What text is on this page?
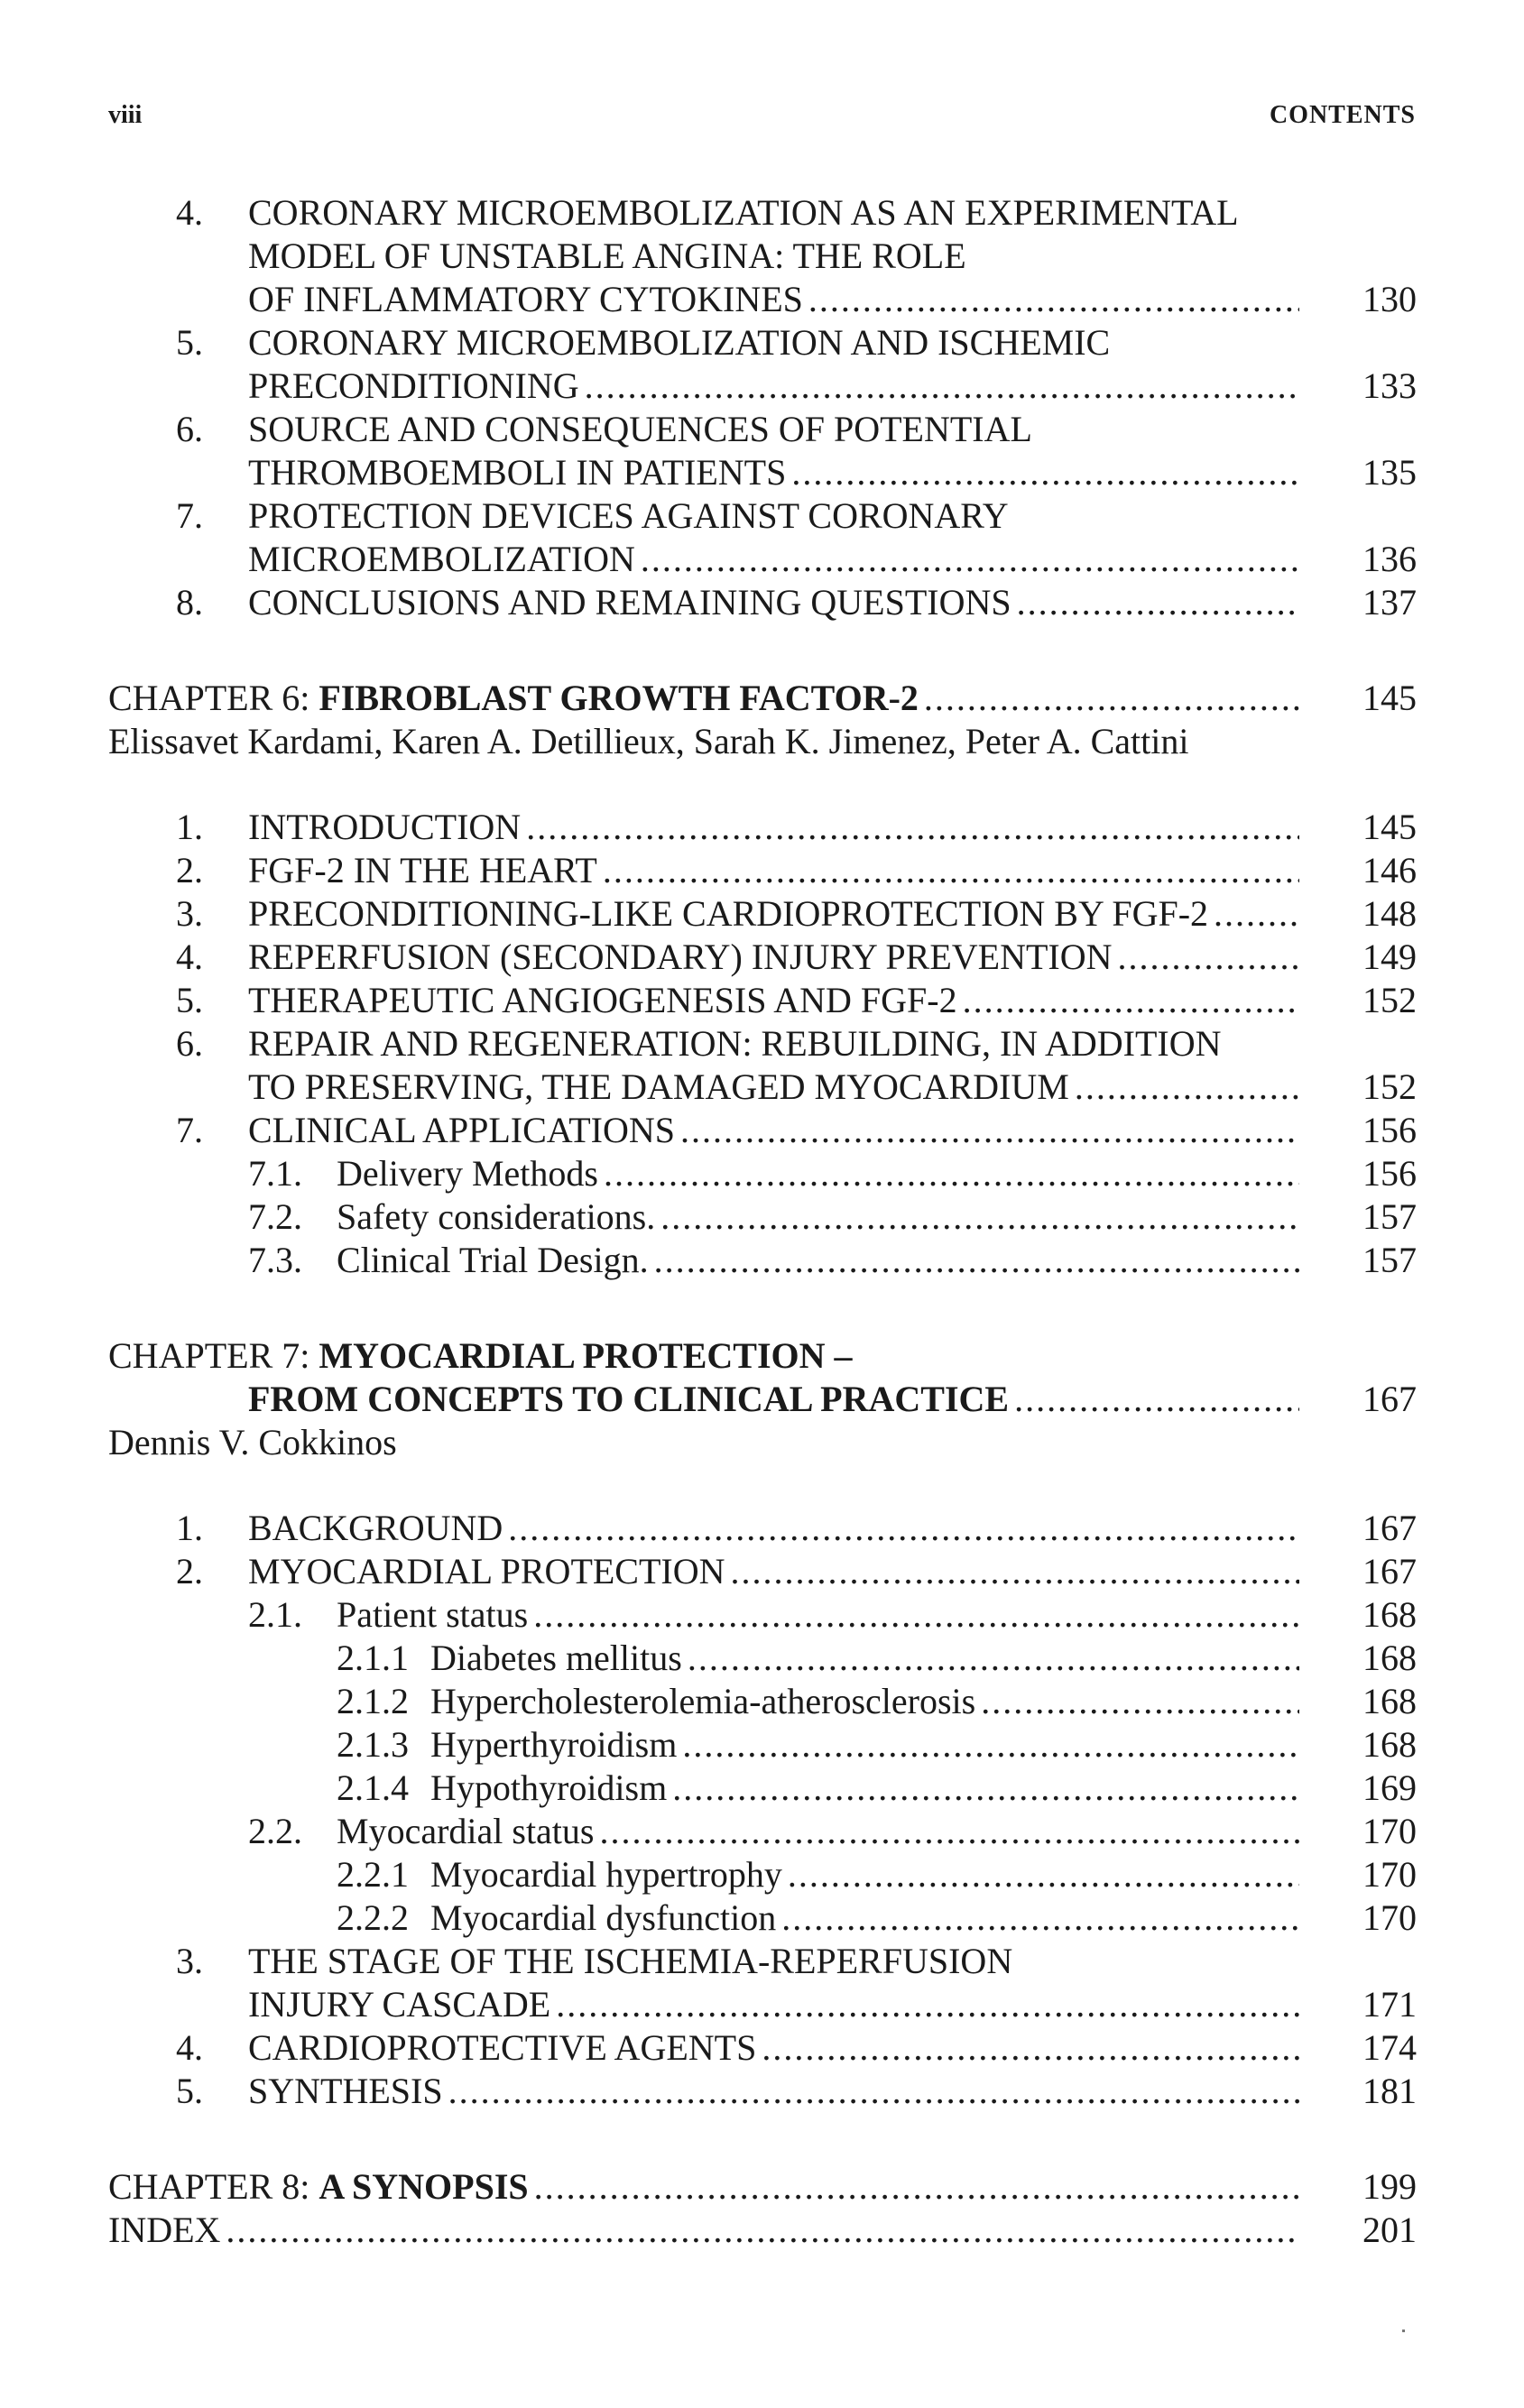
viii	CONTENTS
4. CORONARY MICROEMBOLIZATION AS AN EXPERIMENTAL
MODEL OF UNSTABLE ANGINA: THE ROLE
OF INFLAMMATORY CYTOKINES . . .	130
5. CORONARY MICROEMBOLIZATION AND ISCHEMIC
PRECONDITIONING . . .	133
6. SOURCE AND CONSEQUENCES OF POTENTIAL
THROMBOEMBOLI IN PATIENTS . . .	135
7. PROTECTION DEVICES AGAINST CORONARY
MICROEMBOLIZATION . . .	136
8. CONCLUSIONS AND REMAINING QUESTIONS . . .	137
CHAPTER 6: FIBROBLAST GROWTH FACTOR-2 . . .	145
Elissavet Kardami, Karen A. Detillieux, Sarah K. Jimenez, Peter A. Cattini
1. INTRODUCTION . . .	145
2. FGF-2 IN THE HEART . . .	146
3. PRECONDITIONING-LIKE CARDIOPROTECTION BY FGF-2 . . .	148
4. REPERFUSION (SECONDARY) INJURY PREVENTION . . .	149
5. THERAPEUTIC ANGIOGENESIS AND FGF-2 . . .	152
6. REPAIR AND REGENERATION: REBUILDING, IN ADDITION
TO PRESERVING, THE DAMAGED MYOCARDIUM . . .	152
7. CLINICAL APPLICATIONS . . .	156
7.1. Delivery Methods . . .	156
7.2. Safety considerations. . . .	157
7.3. Clinical Trial Design. . . .	157
CHAPTER 7: MYOCARDIAL PROTECTION –
FROM CONCEPTS TO CLINICAL PRACTICE . . .	167
Dennis V. Cokkinos
1. BACKGROUND . . .	167
2. MYOCARDIAL PROTECTION . . .	167
2.1. Patient status . . .	168
2.1.1 Diabetes mellitus . . .	168
2.1.2 Hypercholesterolemia-atherosclerosis . . .	168
2.1.3 Hyperthyroidism . . .	168
2.1.4 Hypothyroidism . . .	169
2.2. Myocardial status . . .	170
2.2.1 Myocardial hypertrophy . . .	170
2.2.2 Myocardial dysfunction . . .	170
3. THE STAGE OF THE ISCHEMIA-REPERFUSION
INJURY CASCADE . . .	171
4. CARDIOPROTECTIVE AGENTS . . .	174
5. SYNTHESIS . . .	181
CHAPTER 8: A SYNOPSIS . . .	199
INDEX . . .	201
